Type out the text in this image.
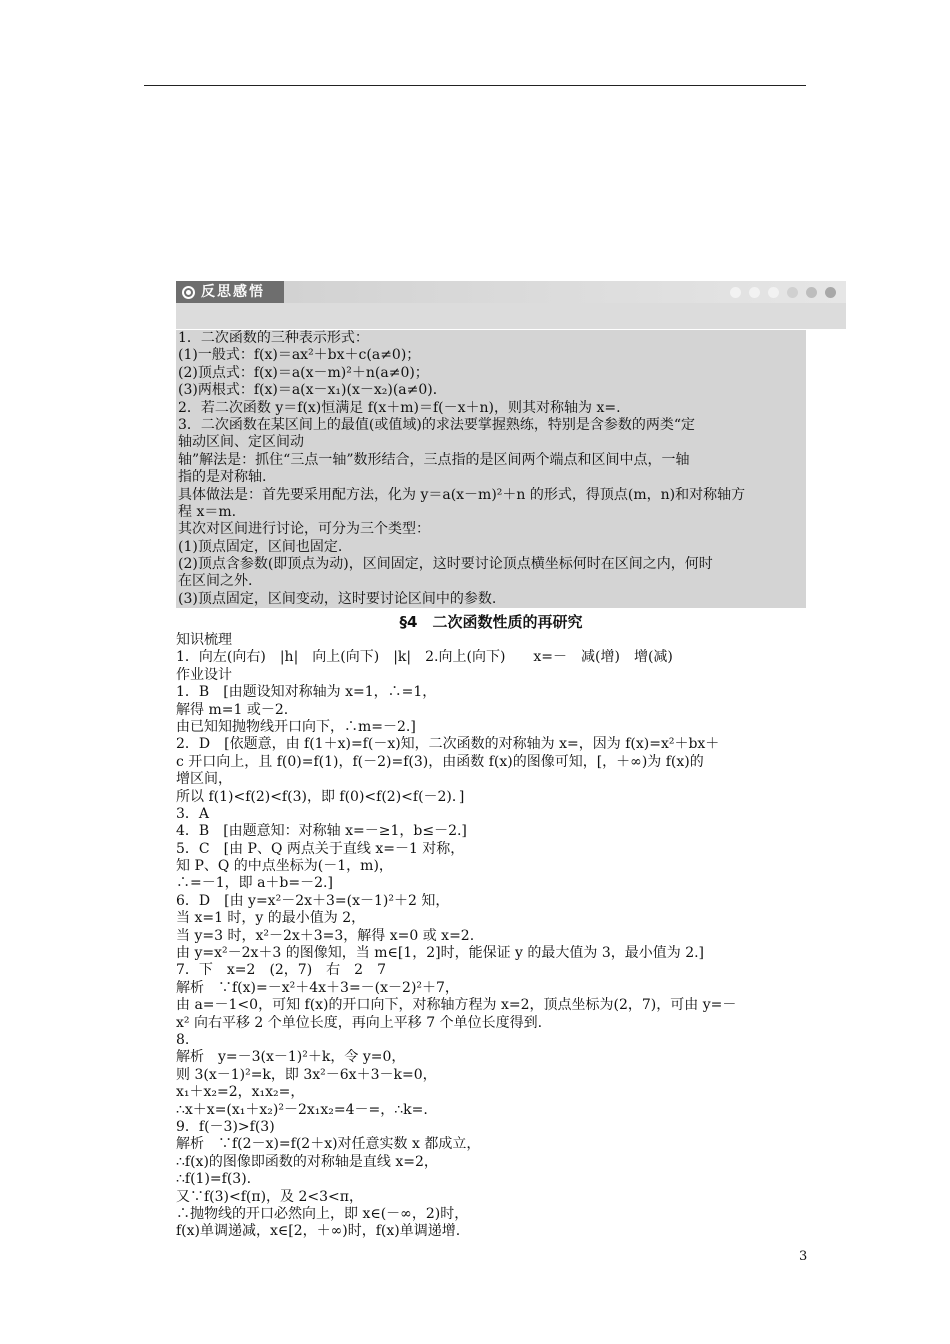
反思感悟
1．二次函数的三种表示形式：
(1)一般式：f(x)＝ax²＋bx＋c(a≠0)；
(2)顶点式：f(x)＝a(x－m)²＋n(a≠0)；
(3)两根式：f(x)＝a(x－x₁)(x－x₂)(a≠0)．
2．若二次函数 y＝f(x)恒满足 f(x＋m)＝f(－x＋n)，则其对称轴为 x=.
3．二次函数在某区间上的最值(或值域)的求法要掌握熟练，特别是含参数的两类“定
轴动区间、定区间动
轴”解法是：抓住“三点一轴”数形结合，三点指的是区间两个端点和区间中点，一轴
指的是对称轴.
具体做法是：首先要采用配方法，化为 y＝a(x－m)²＋n 的形式，得顶点(m，n)和对称轴方
程 x＝m.
其次对区间进行讨论，可分为三个类型：
(1)顶点固定，区间也固定.
(2)顶点含参数(即顶点为动)，区间固定，这时要讨论顶点横坐标何时在区间之内，何时
在区间之外.
(3)顶点固定，区间变动，这时要讨论区间中的参数.
§4　二次函数性质的再研究
知识梳理
1．向左(向右)　|h|　向上(向下)　|k|　2.向上(向下)　　x=－　减(增)　增(减)
作业设计
1．B　[由题设知对称轴为 x=1，∴=1，
解得 m=1 或－2.
由已知知抛物线开口向下，∴m=－2.]
2．D　[依题意，由 f(1＋x)=f(－x)知，二次函数的对称轴为 x=，因为 f(x)=x²＋bx＋
c 开口向上，且 f(0)=f(1)，f(－2)=f(3)，由函数 f(x)的图像可知，[，＋∞)为 f(x)的
增区间，
所以 f(1)<f(2)<f(3)，即 f(0)<f(2)<f(－2)．]
3．A
4．B　[由题意知：对称轴 x=－≥1，b≤－2.]
5．C　[由 P、Q 两点关于直线 x=－1 对称，
知 P、Q 的中点坐标为(－1，m)，
∴=－1，即 a＋b=－2.]
6．D　[由 y=x²－2x＋3=(x－1)²＋2 知，
当 x=1 时，y 的最小值为 2，
当 y=3 时，x²－2x＋3=3，解得 x=0 或 x=2.
由 y=x²－2x＋3 的图像知，当 m∈[1，2]时，能保证 y 的最大值为 3，最小值为 2.]
7．下　x=2　(2，7)　右　2　7
解析　∵f(x)=－x²＋4x＋3=－(x－2)²＋7，
由 a=－1<0，可知 f(x)的开口向下，对称轴方程为 x=2，顶点坐标为(2，7)，可由 y=－
x² 向右平移 2 个单位长度，再向上平移 7 个单位长度得到.
8.
解析　y=－3(x－1)²＋k，令 y=0，
则 3(x－1)²=k，即 3x²－6x＋3－k=0，
x₁＋x₂=2，x₁x₂=，
∴x＋x=(x₁＋x₂)²－2x₁x₂=4－=，∴k=.
9．f(－3)>f(3)
解析　∵f(2－x)=f(2＋x)对任意实数 x 都成立，
∴f(x)的图像即函数的对称轴是直线 x=2，
∴f(1)=f(3).
又∵f(3)<f(π)，及 2<3<π，
∴抛物线的开口必然向上，即 x∈(－∞，2)时，
f(x)单调递减，x∈[2，＋∞)时，f(x)单调递增.
3
